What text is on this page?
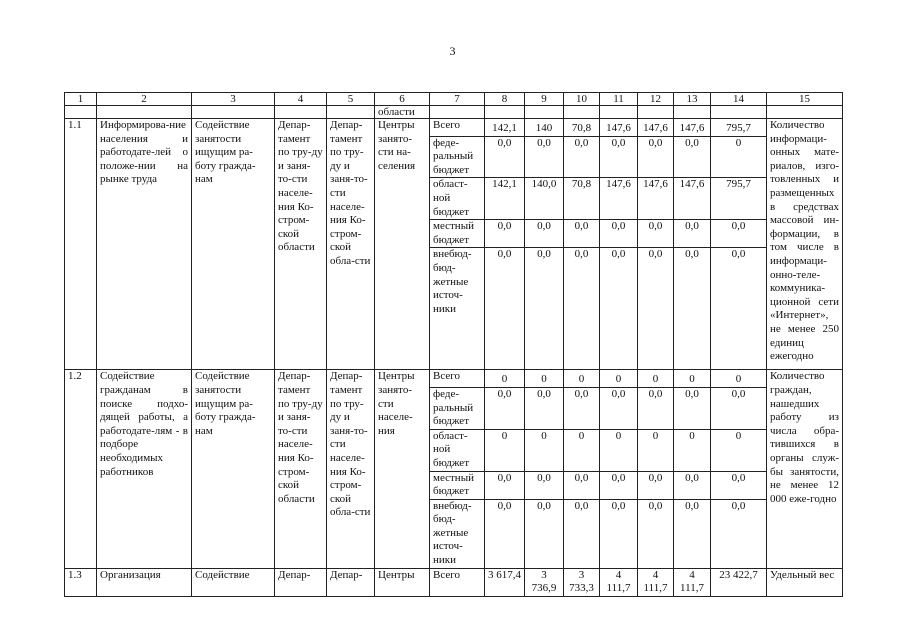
3
1	2	3	4	5	6	7	8	9	10	11	12	13	14	15
					области									
1.1	Информирова-ние населения и работодате-лей о положе-нии на рынке труда	Содействие занятости ищущим ра-боту гражда-нам	Депар-тамент по тру-ду и заня-то-сти населе-ния Ко-стром-ской области	Депар-тамент по тру-ду и заня-то-сти населе-ния Ко-стром-ской обла-сти	Центры занято-сти на-селения	Всего	142,1	140	70,8	147,6	147,6	147,6	795,7	Количество информаци-онных мате-риалов, изго-товленных и размещенных в средствах массовой ин-формации, в том числе в информаци-онно-теле-коммуника-ционной сети «Интернет», не менее 250 единиц ежегодно
						феде-ральный бюджет	0,0	0,0	0,0	0,0	0,0	0,0	0	
						област-ной бюджет	142,1	140,0	70,8	147,6	147,6	147,6	795,7	
						местный бюджет	0,0	0,0	0,0	0,0	0,0	0,0	0,0	
						внебюд-бюд-жетные источ-ники	0,0	0,0	0,0	0,0	0,0	0,0	0,0	
1.2	Содействие гражданам в поиске подхо-дящей работы, а работодате-лям - в подборе необходимых работников	Содействие занятости ищущим ра-боту гражда-нам	Депар-тамент по тру-ду и заня-то-сти населе-ния Ко-стром-ской области	Депар-тамент по тру-ду и заня-то-сти населе-ния Ко-стром-ской обла-сти	Центры занято-сти населе-ния	Всего	0	0	0	0	0	0	0	Количество граждан, нашедших работу из числа обра-тившихся в органы служ-бы занятости, не менее 12 000 еже-годно
						феде-ральный бюджет	0,0	0,0	0,0	0,0	0,0	0,0	0,0	
						област-ной бюджет	0	0	0	0	0	0	0	
						местный бюджет	0,0	0,0	0,0	0,0	0,0	0,0	0,0	
						внебюд-бюд-жетные источ-ники	0,0	0,0	0,0	0,0	0,0	0,0	0,0	
1.3	Организация	Содействие	Депар-	Депар-	Центры	Всего	3 617,4	3 736,9	3 733,3	4 111,7	4 111,7	4 111,7	23 422,7	Удельный вес
